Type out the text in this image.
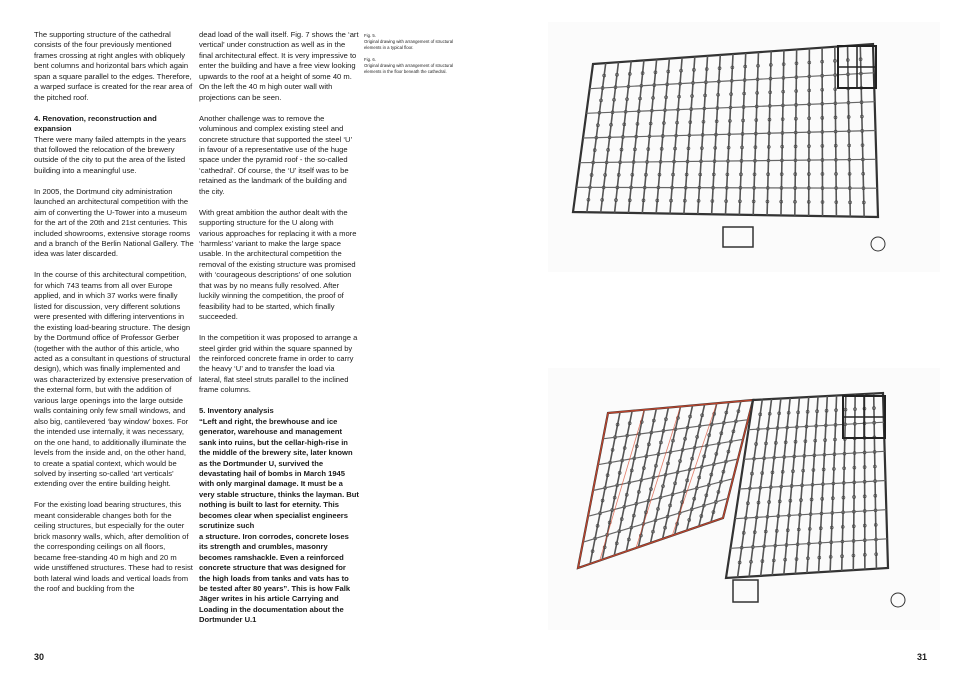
The supporting structure of the cathedral consists of the four previously mentioned frames crossing at right angles with obliquely bent columns and horizontal bars which again span a square parallel to the edges. Therefore, a warped surface is created for the rear area of the pitched roof.

4. Renovation, reconstruction and expansion
There were many failed attempts in the years that followed the relocation of the brewery outside of the city to put the area of the listed building into a meaningful use.

In 2005, the Dortmund city administration launched an architectural competition with the aim of converting the U-Tower into a museum for the art of the 20th and 21st centuries. This included showrooms, extensive storage rooms and a branch of the Berlin National Gallery. The idea was later discarded.

In the course of this architectural competition, for which 743 teams from all over Europe applied, and in which 37 works were finally listed for discussion, very different solutions were presented with differing interventions in the existing load-bearing structure. The design by the Dortmund office of Professor Gerber (together with the author of this article, who acted as a consultant in questions of structural design), which was finally implemented and was characterized by extensive preservation of the external form, but with the addition of various large openings into the large outside walls containing only few small windows, and also big, cantilevered ‘bay window’ boxes. For the intended use internally, it was necessary, on the one hand, to additionally illuminate the levels from the inside and, on the other hand, to create a spatial context, which would be solved by inserting so-called ‘art verticals’ extending over the entire building height.

For the existing load bearing structures, this meant considerable changes both for the ceiling structures, but especially for the outer brick masonry walls, which, after demolition of the corresponding ceilings on all floors, became free-standing 40 m high and 20 m wide unstiffened structures. These had to resist both lateral wind loads and vertical loads from the roof and buckling from the

dead load of the wall itself. Fig. 7 shows the ‘art vertical’ under construction as well as in the final architectural effect. It is very impressive to enter the building and have a free view looking upwards to the roof at a height of some 40 m. On the left the 40 m high outer wall with projections can be seen.

Another challenge was to remove the voluminous and complex existing steel and concrete structure that supported the steel ‘U’ in favour of a representative use of the huge space under the pyramid roof - the so-called ‘cathedral’. Of course, the ‘U’ itself was to be retained as the landmark of the building and the city.

With great ambition the author dealt with the supporting structure for the U along with various approaches for replacing it with a more ‘harmless’ variant to make the large space usable. In the architectural competition the removal of the existing structure was promised with ‘courageous descriptions’ of one solution that was by no means fully resolved. After luckily winning the competition, the proof of feasibility had to be started, which finally succeeded.

In the competition it was proposed to arrange a steel girder grid within the square spanned by the reinforced concrete frame in order to carry the heavy ‘U’ and to transfer the load via lateral, flat steel struts parallel to the inclined frame columns.

5. Inventory analysis
“Left and right, the brewhouse and ice generator, warehouse and management sank into ruins, but the cellar-high-rise in the middle of the brewery site, later known as the Dortmunder U, survived the devastating hail of bombs in March 1945 with only marginal damage. It must be a very stable structure, thinks the layman. But nothing is built to last for eternity. This becomes clear when specialist engineers scrutinize such
a structure. Iron corrodes, concrete loses its strength and crumbles, masonry becomes ramshackle. Even a reinforced concrete structure that was designed for the high loads from tanks and vats has to be tested after 80 years”. This is how Falk Jäger writes in his article Carrying and Loading in the documentation about the Dortmunder U.1

30

Fig. 5.
Original drawing with arrangement of structural elements in a typical floor.

Fig. 6.
Original drawing with arrangement of structural elements in the floor beneath the cathedral.

31
